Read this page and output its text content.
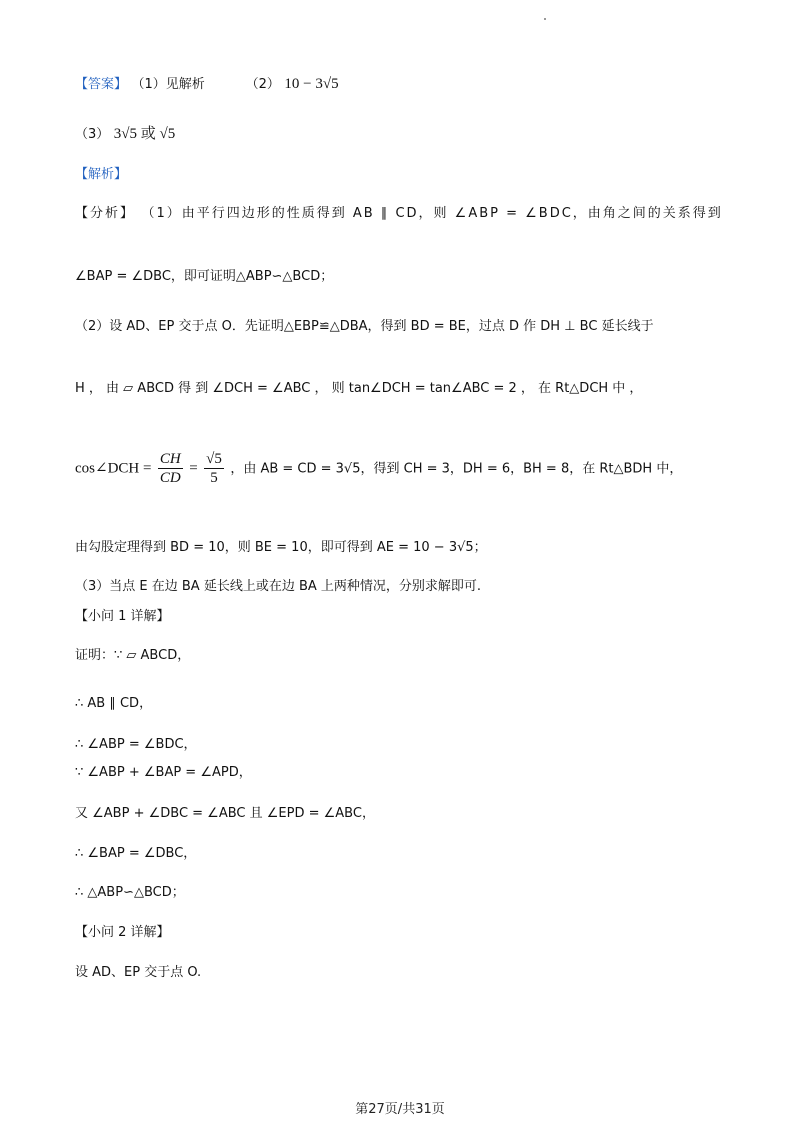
【答案】 （1）见解析	（2） 10 − 3√5
（3） 3√5 或 √5
【解析】
【分析】 （1）由平行四边形的性质得到 AB ∥ CD，则 ∠ABP = ∠BDC，由角之间的关系得到
∠BAP = ∠DBC，即可证明△ABP∽△BCD；
（2）设 AD、EP 交于点 O．先证明△EBP≌△DBA，得到 BD = BE，过点 D 作 DH ⊥ BC 延长线于
H ， 由 ▱ ABCD 得 到 ∠DCH = ∠ABC ， 则 tan∠DCH = tan∠ABC = 2 ， 在 Rt△DCH 中 ，
cos∠DCH = $\frac{CH}{CD} = \frac{√5}{5}$ ，由 AB = CD = 3√5，得到 CH = 3，DH = 6，BH = 8，在 Rt△BDH 中，
由勾股定理得到 BD = 10，则 BE = 10，即可得到 AE = 10 − 3√5；
（3）当点 E 在边 BA 延长线上或在边 BA 上两种情况，分别求解即可.
【小问 1 详解】
证明：∵ ▱ ABCD，
∴ AB ∥ CD，
∴ ∠ABP = ∠BDC，
∵ ∠ABP + ∠BAP = ∠APD，
又 ∠ABP + ∠DBC = ∠ABC 且 ∠EPD = ∠ABC，
∴ ∠BAP = ∠DBC，
∴ △ABP∽△BCD；
【小问 2 详解】
设 AD、EP 交于点 O.
第27页/共31页
